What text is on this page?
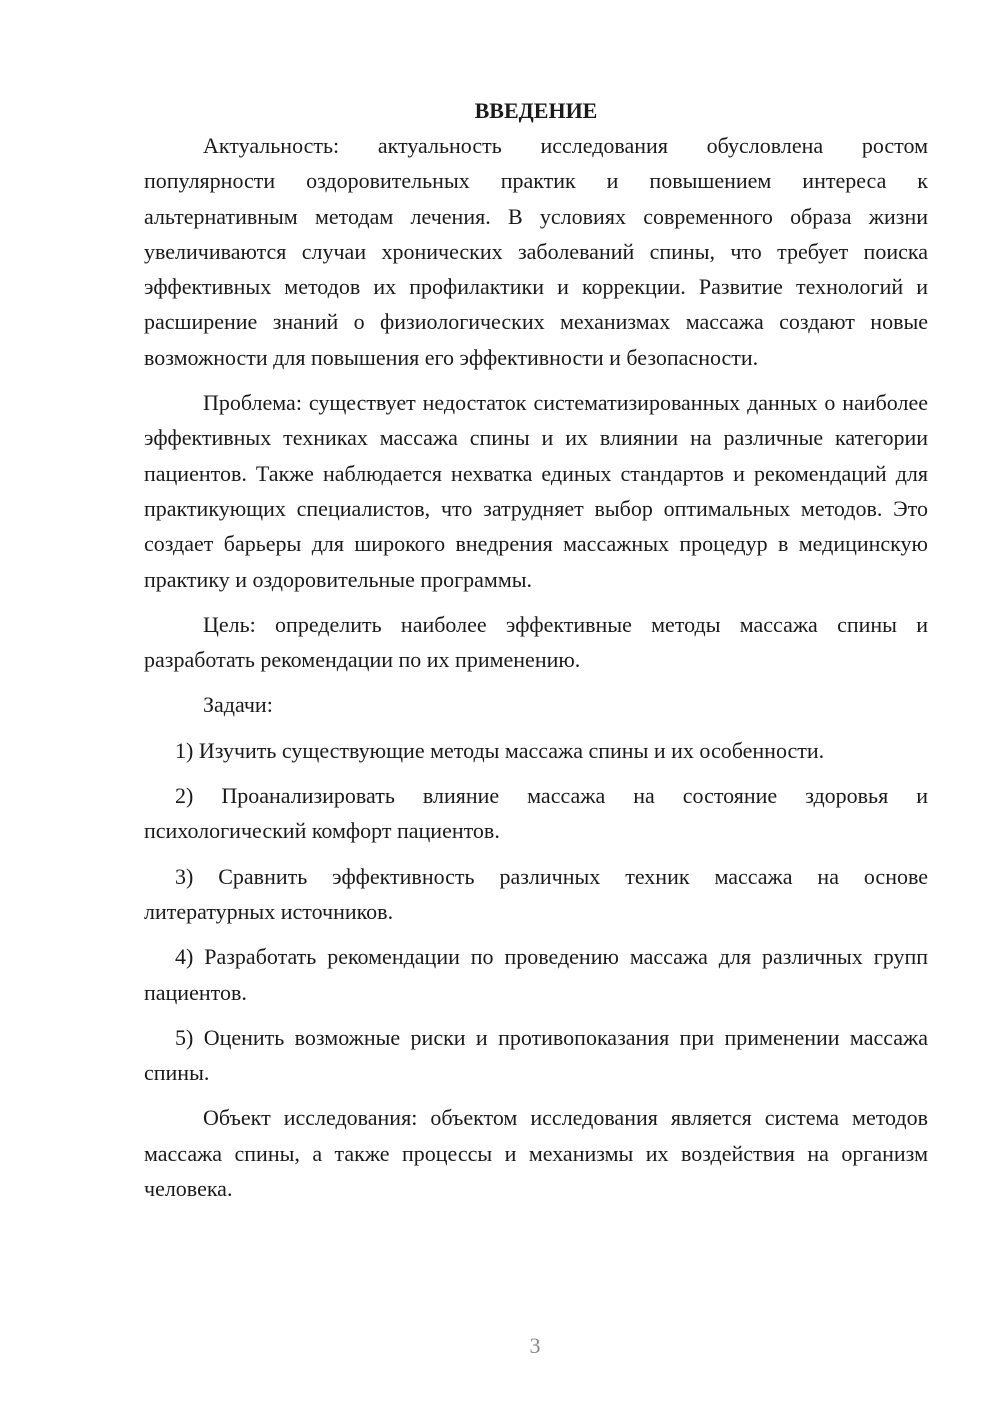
ВВЕДЕНИЕ

Актуальность: актуальность исследования обусловлена ростом популярности оздоровительных практик и повышением интереса к альтернативным методам лечения. В условиях современного образа жизни увеличиваются случаи хронических заболеваний спины, что требует поиска эффективных методов их профилактики и коррекции. Развитие технологий и расширение знаний о физиологических механизмах массажа создают новые возможности для повышения его эффективности и безопасности.

Проблема: существует недостаток систематизированных данных о наиболее эффективных техниках массажа спины и их влиянии на различные категории пациентов. Также наблюдается нехватка единых стандартов и рекомендаций для практикующих специалистов, что затрудняет выбор оптимальных методов. Это создает барьеры для широкого внедрения массажных процедур в медицинскую практику и оздоровительные программы.

Цель: определить наиболее эффективные методы массажа спины и разработать рекомендации по их применению.

Задачи:

1) Изучить существующие методы массажа спины и их особенности.

2) Проанализировать влияние массажа на состояние здоровья и психологический комфорт пациентов.

3) Сравнить эффективность различных техник массажа на основе литературных источников.

4) Разработать рекомендации по проведению массажа для различных групп пациентов.

5) Оценить возможные риски и противопоказания при применении массажа спины.

Объект исследования: объектом исследования является система методов массажа спины, а также процессы и механизмы их воздействия на организм человека.

3
